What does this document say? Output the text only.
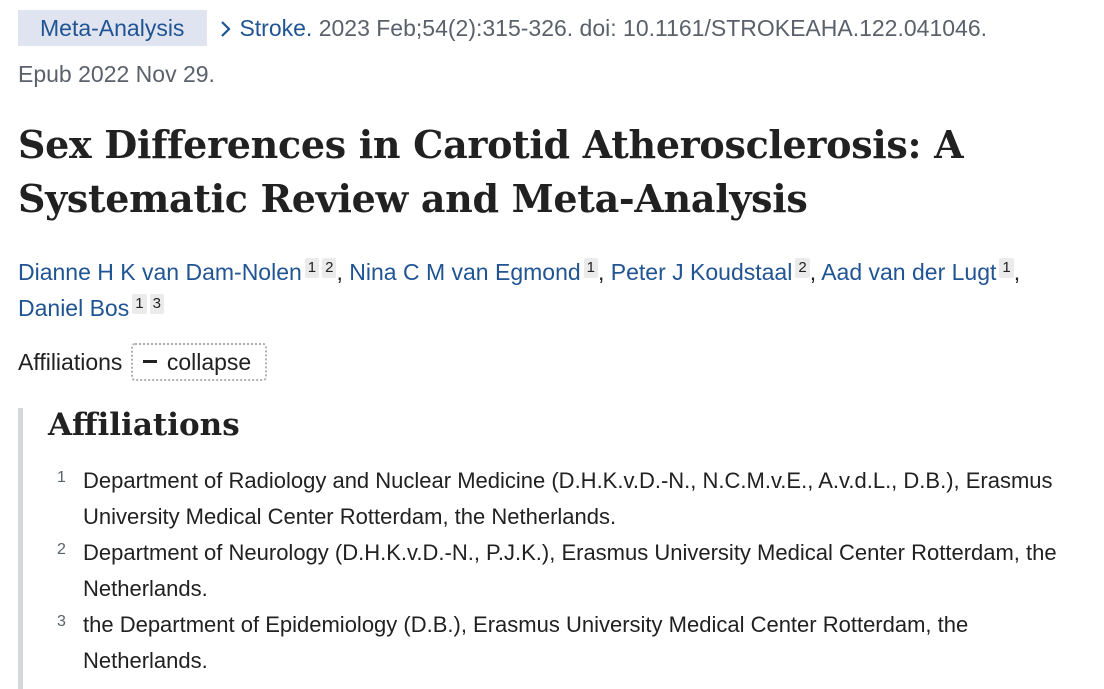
Meta-Analysis Stroke. 2023 Feb;54(2):315-326. doi: 10.1161/STROKEAHA.122.041046.
Epub 2022 Nov 29.
Sex Differences in Carotid Atherosclerosis: A Systematic Review and Meta-Analysis
Dianne H K van Dam-Nolen 1 2 , Nina C M van Egmond 1 , Peter J Koudstaal 2 , Aad van der Lugt 1 , Daniel Bos 1 3
Affiliations collapse
Affiliations
1 Department of Radiology and Nuclear Medicine (D.H.K.v.D.-N., N.C.M.v.E., A.v.d.L., D.B.), Erasmus University Medical Center Rotterdam, the Netherlands.
2 Department of Neurology (D.H.K.v.D.-N., P.J.K.), Erasmus University Medical Center Rotterdam, the Netherlands.
3 the Department of Epidemiology (D.B.), Erasmus University Medical Center Rotterdam, the Netherlands.
